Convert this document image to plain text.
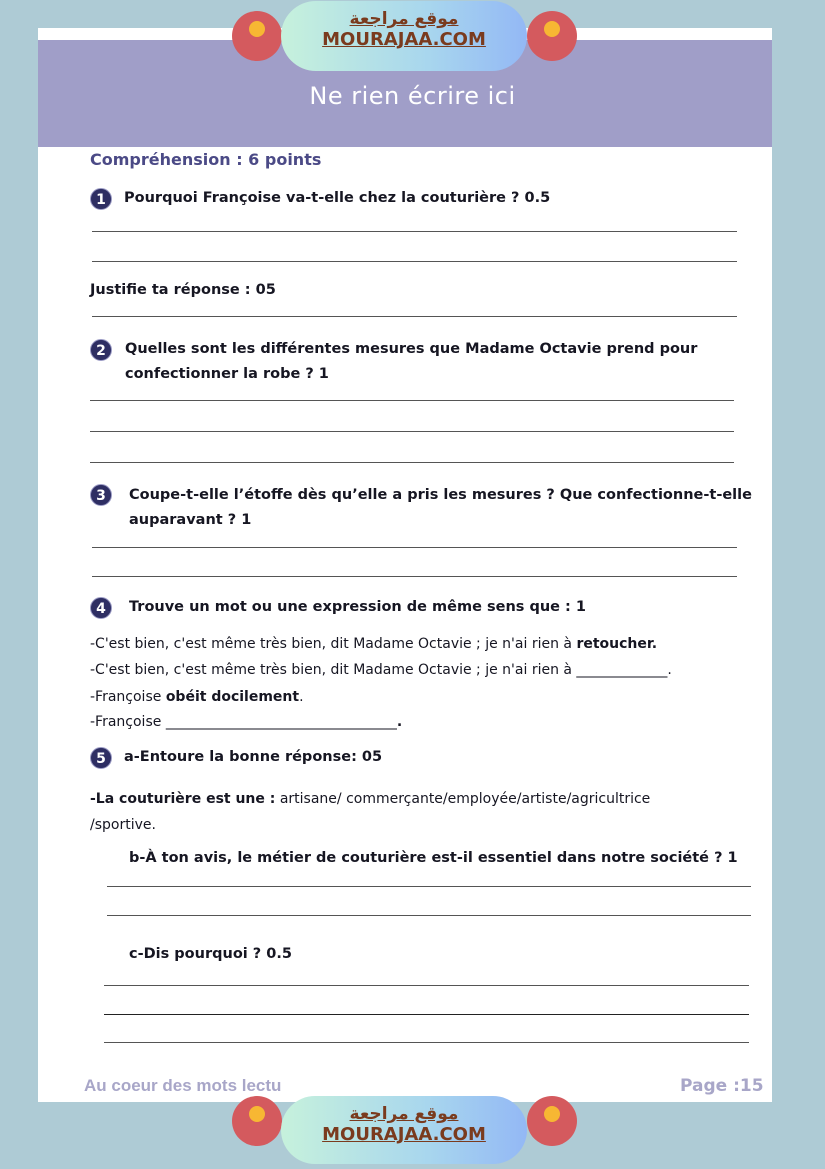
Ne rien écrire ici
موقع مراجعة
MOURAJAA.COM
Compréhension : 6 points
1	Pourquoi Françoise va-t-elle chez la couturière ? 0.5
Justifie ta réponse : 05
2	Quelles sont les différentes mesures que Madame Octavie prend pour
confectionner la robe ? 1
3	Coupe-t-elle l’étoffe dès qu’elle a pris les mesures ? Que confectionne-t-elle
auparavant ? 1
4	Trouve un mot ou une expression de même sens que : 1
-C'est bien, c'est même très bien, dit Madame Octavie ; je n'ai rien à retoucher.
-C'est bien, c'est même très bien, dit Madame Octavie ; je n'ai rien à _____________.
-Françoise obéit docilement.
-Françoise _________________________________.
5	a-Entoure la bonne réponse: 05
-La couturière est une : artisane/ commerçante/employée/artiste/agricultrice
/sportive.
b-À ton avis, le métier de couturière est-il essentiel dans notre société ? 1
c-Dis pourquoi ? 0.5
موقع مراجعة
MOURAJAA.COM
Au coeur des mots lectu	Page :15
